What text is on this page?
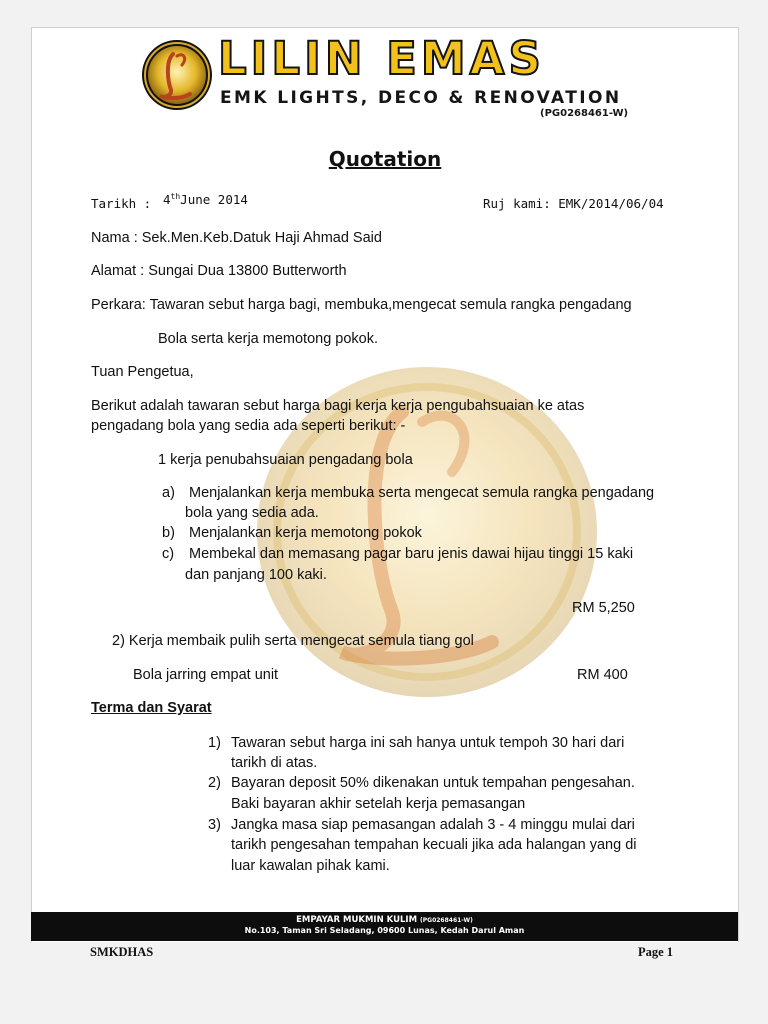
LILIN EMAS
EMK LIGHTS, DECO & RENOVATION
(PG0268461-W)
Quotation
Tarikh : 4thJune 2014	Ruj kami: EMK/2014/06/04
Nama : Sek.Men.Keb.Datuk Haji Ahmad Said
Alamat : Sungai Dua 13800 Butterworth
Perkara: Tawaran sebut harga bagi, membuka,mengecat semula rangka pengadang
Bola serta kerja memotong pokok.
Tuan Pengetua,
Berikut adalah tawaran sebut harga bagi kerja kerja pengubahsuaian ke atas
pengadang bola yang sedia ada seperti berikut: -
1 kerja penubahsuaian pengadang bola
a) Menjalankan kerja membuka serta mengecat semula rangka pengadang
bola yang sedia ada.
b) Menjalankan kerja memotong pokok
c) Membekal dan memasang pagar baru jenis dawai hijau tinggi 15 kaki
dan panjang 100 kaki.
RM 5,250
2) Kerja membaik pulih serta mengecat semula tiang gol
Bola jarring empat unit	RM 400
Terma dan Syarat
1) Tawaran sebut harga ini sah hanya untuk tempoh 30 hari dari
tarikh di atas.
2) Bayaran deposit 50% dikenakan untuk tempahan pengesahan.
Baki bayaran akhir setelah kerja pemasangan
3) Jangka masa siap pemasangan adalah 3 - 4 minggu mulai dari
tarikh pengesahan tempahan kecuali jika ada halangan yang di
luar kawalan pihak kami.
EMPAYAR MUKMIN KULIM (PG0268461-W)
No.103, Taman Sri Seladang, 09600 Lunas, Kedah Darul Aman
SMKDHAS	Page 1
